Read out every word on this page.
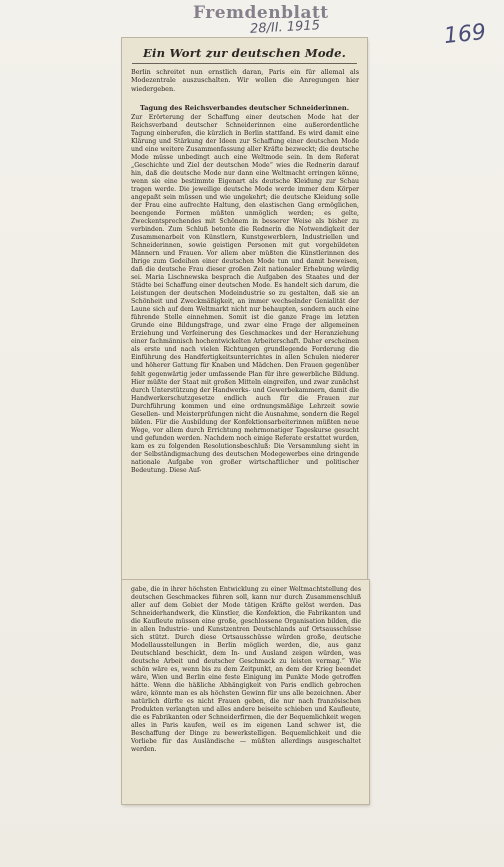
Fremdenblatt
28/II. 1915	169
Ein Wort zur deutschen Mode.
Berlin schreitet nun ernstlich daran, Paris ein für allemal als Modezentrale auszuschalten. Wir wollen die Anregungen hier wiedergeben.
Tagung des Reichsverbandes deutscher Schneiderinnen.
Zur Erörterung der Schaffung einer deutschen Mode hat der Reichsverband deutscher Schneiderinnen eine außerordentliche Tagung einberufen, die kürzlich in Berlin stattfand. Es wird damit eine Klärung und Stärkung der Ideen zur Schaffung einer deutschen Mode und eine weitere Zusammenfassung aller Kräfte bezweckt; die deutsche Mode müsse unbedingt auch eine Weltmode sein. In dem Referat „Geschichte und Ziel der deutschen Mode“ wies die Rednerin darauf hin, daß die deutsche Mode nur dann eine Weltmacht erringen könne, wenn sie eine bestimmte Eigenart als deutsche Kleidung zur Schau tragen werde. Die jeweilige deutsche Mode werde immer dem Körper angepaßt sein müssen und wie ungekehrt; die deutsche Kleidung solle der Frau eine aufrechte Haltung, den elastischen Gang ermöglichen, beengende Formen müßten unmöglich werden; es gelte, Zweckentsprechendes mit Schönem in besserer Weise als bisher zu verbinden. Zum Schluß betonte die Rednerin die Notwendigkeit der Zusammenarbeit von Künstlern, Kunstgewerblern, Industriellen und Schneiderinnen, sowie geistigen Personen mit gut vorgebildeten Männern und Frauen. Vor allem aber müßten die Künstlerinnen des Ihrige zum Gedeihen einer deutschen Mode tun und damit beweisen, daß die deutsche Frau dieser großen Zeit nationaler Erhebung würdig sei. Maria Lischnewska besprach die Aufgaben des Staates und der Städte bei Schaffung einer deutschen Mode. Es handelt sich darum, die Leistungen der deutschen Modeindustrie so zu gestalten, daß sie an Schönheit und Zweckmäßigkeit, an immer wechselnder Genialität der Laune sich auf dem Weltmarkt nicht nur behaupten, sondern auch eine führende Stelle einnehmen. Somit ist die ganze Frage im letzten Grunde eine Bildungsfrage, und zwar eine Frage der allgemeinen Erziehung und Verfeinerung des Geschmackes und der Heranziehung einer fachmännisch hochentwickelten Arbeiterschaft. Daher erscheinen als erste und nach vielen Richtungen grundlegende Forderung die Einführung des Handfertigkeitsunterrichtes in allen Schulen niederer und höherer Gattung für Knaben und Mädchen. Den Frauen gegenüber fehlt gegenwärtig jeder umfassende Plan für ihre gewerbliche Bildung. Hier müßte der Staat mit großen Mitteln eingreifen, und zwar zunächst durch Unterstützung der Handwerks- und Gewerbekammern, damit die Handwerkerschutzgesetze endlich auch für die Frauen zur Durchführung kommen und eine ordnungsmäßige Lehrzeit sowie Gesellen- und Meisterprüfungen nicht die Ausnahme, sondern die Regel bilden. Für die Ausbildung der Konfektionsarbeiterinnen müßten neue Wege, vor allem durch Errichtung mehrmonatiger Tageskurse gesucht und gefunden werden. Nachdem noch einige Referate erstattet wurden, kam es zu folgenden Resolutionsbeschluß: Die Versammlung sieht in der Selbständigmachung des deutschen Modegewerbes eine dringende nationale Aufgabe von großer wirtschaftlicher und politischer Bedeutung. Diese Auf-
gabe, die in ihrer höchsten Entwicklung zu einer Weltmachtstellung des deutschen Geschmackes führen soll, kann nur durch Zusammenschluß aller auf dem Gebiet der Mode tätigen Kräfte gelöst werden. Das Schneiderhandwerk, die Künstler, die Konfektion, die Fabrikanten und die Kaufleute müssen eine große, geschlossene Organisation bilden, die in allen Industrie- und Kunstzentren Deutschlands auf Ortsausschüsse sich stützt. Durch diese Ortsausschüsse würden große, deutsche Modellausstellungen in Berlin möglich werden, die, aus ganz Deutschland beschickt, dem In- und Ausland zeigen würden, was deutsche Arbeit und deutscher Geschmack zu leisten vermag.“ Wie schön wäre es, wenn bis zu dem Zeitpunkt, an dem der Krieg beendet wäre, Wien und Berlin eine feste Einigung im Punkte Mode getroffen hätte. Wenn die häßliche Abhängigkeit von Paris endlich gebrochen wäre, könnte man es als höchsten Gewinn für uns alle bezeichnen. Aber natürlich dürfte es nicht Frauen geben, die nur nach französischen Produkten verlangten und alles andere beiseite schieben und Kaufleute, die es Fabrikanten oder Schneiderfirmen, die der Bequemlichkeit wegen alles in Paris kaufen, weil es im eigenen Land schwer ist, die Beschaffung der Dinge zu bewerkstelligen. Bequemlichkeit und die Vorliebe für das Ausländische — müßten allerdings ausgeschaltet werden.
